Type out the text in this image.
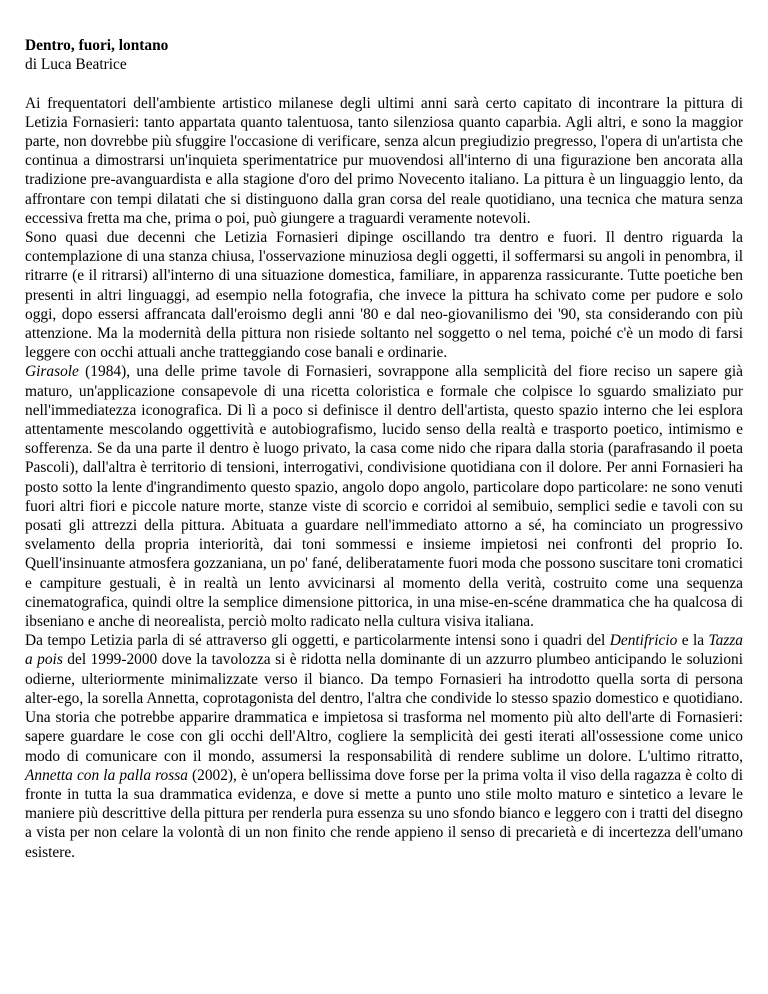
Dentro, fuori, lontano

di Luca Beatrice

Ai frequentatori dell'ambiente artistico milanese degli ultimi anni sarà certo capitato di incontrare la pittura di Letizia Fornasieri: tanto appartata quanto talentuosa, tanto silenziosa quanto caparbia. Agli altri, e sono la maggior parte, non dovrebbe più sfuggire l'occasione di verificare, senza alcun pregiudizio pregresso, l'opera di un'artista che continua a dimostrarsi un'inquieta sperimentatrice pur muovendosi all'interno di una figurazione ben ancorata alla tradizione pre-avanguardista e alla stagione d'oro del primo Novecento italiano. La pittura è un linguaggio lento, da affrontare con tempi dilatati che si distinguono dalla gran corsa del reale quotidiano, una tecnica che matura senza eccessiva fretta ma che, prima o poi, può giungere a traguardi veramente notevoli.

Sono quasi due decenni che Letizia Fornasieri dipinge oscillando tra dentro e fuori. Il dentro riguarda la contemplazione di una stanza chiusa, l'osservazione minuziosa degli oggetti, il soffermarsi su angoli in penombra, il ritrarre (e il ritrarsi) all'interno di una situazione domestica, familiare, in apparenza rassicurante. Tutte poetiche ben presenti in altri linguaggi, ad esempio nella fotografia, che invece la pittura ha schivato come per pudore e solo oggi, dopo essersi affrancata dall'eroismo degli anni '80 e dal neo-giovanilismo dei '90, sta considerando con più attenzione. Ma la modernità della pittura non risiede soltanto nel soggetto o nel tema, poiché c'è un modo di farsi leggere con occhi attuali anche tratteggiando cose banali e ordinarie.

Girasole (1984), una delle prime tavole di Fornasieri, sovrappone alla semplicità del fiore reciso un sapere già maturo, un'applicazione consapevole di una ricetta coloristica e formale che colpisce lo sguardo smaliziato pur nell'immediatezza iconografica. Di lì a poco si definisce il dentro dell'artista, questo spazio interno che lei esplora attentamente mescolando oggettività e autobiografismo, lucido senso della realtà e trasporto poetico, intimismo e sofferenza. Se da una parte il dentro è luogo privato, la casa come nido che ripara dalla storia (parafrasando il poeta Pascoli), dall'altra è territorio di tensioni, interrogativi, condivisione quotidiana con il dolore. Per anni Fornasieri ha posto sotto la lente d'ingrandimento questo spazio, angolo dopo angolo, particolare dopo particolare: ne sono venuti fuori altri fiori e piccole nature morte, stanze viste di scorcio e corridoi al semibuio, semplici sedie e tavoli con su posati gli attrezzi della pittura. Abituata a guardare nell'immediato attorno a sé, ha cominciato un progressivo svelamento della propria interiorità, dai toni sommessi e insieme impietosi nei confronti del proprio Io. Quell'insinuante atmosfera gozzaniana, un po' fané, deliberatamente fuori moda che possono suscitare toni cromatici e campiture gestuali, è in realtà un lento avvicinarsi al momento della verità, costruito come una sequenza cinematografica, quindi oltre la semplice dimensione pittorica, in una mise-en-scéne drammatica che ha qualcosa di ibseniano e anche di neorealista, perciò molto radicato nella cultura visiva italiana.

Da tempo Letizia parla di sé attraverso gli oggetti, e particolarmente intensi sono i quadri del Dentifricio e la Tazza a pois del 1999-2000 dove la tavolozza si è ridotta nella dominante di un azzurro plumbeo anticipando le soluzioni odierne, ulteriormente minimalizzate verso il bianco. Da tempo Fornasieri ha introdotto quella sorta di persona alter-ego, la sorella Annetta, coprotagonista del dentro, l'altra che condivide lo stesso spazio domestico e quotidiano. Una storia che potrebbe apparire drammatica e impietosa si trasforma nel momento più alto dell'arte di Fornasieri: sapere guardare le cose con gli occhi dell'Altro, cogliere la semplicità dei gesti iterati all'ossessione come unico modo di comunicare con il mondo, assumersi la responsabilità di rendere sublime un dolore. L'ultimo ritratto, Annetta con la palla rossa (2002), è un'opera bellissima dove forse per la prima volta il viso della ragazza è colto di fronte in tutta la sua drammatica evidenza, e dove si mette a punto uno stile molto maturo e sintetico a levare le maniere più descrittive della pittura per renderla pura essenza su uno sfondo bianco e leggero con i tratti del disegno a vista per non celare la volontà di un non finito che rende appieno il senso di precarietà e di incertezza dell'umano esistere.
